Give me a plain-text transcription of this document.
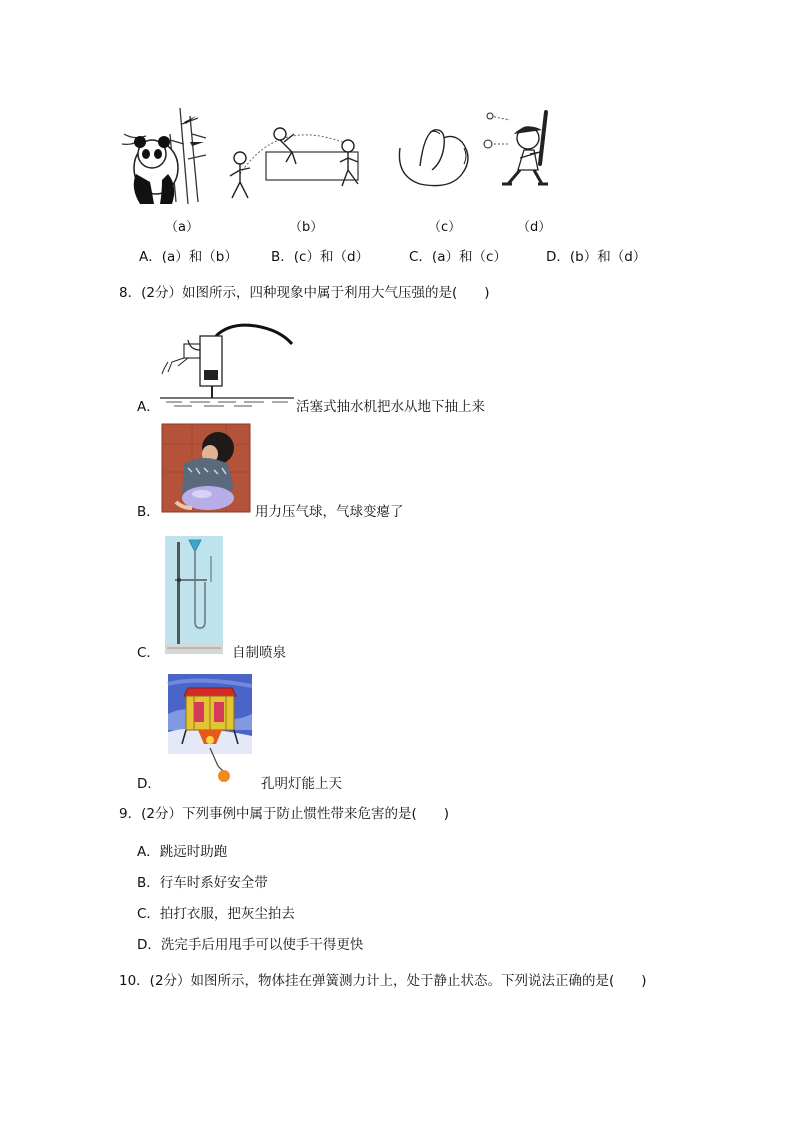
（a）	（b）	（c）	（d）
A．(a）和（b） B．(c）和（d）	C．(a）和（c）	D．(b）和（d）
8．(2分）如图所示，四种现象中属于利用大气压强的是(　　)
A．	活塞式抽水机把水从地下抽上来
B．	用力压气球，气球变瘪了
C．	自制喷泉
D．	孔明灯能上天
9．(2分）下列事例中属于防止惯性带来危害的是(　　)
A．跳远时助跑
B．行车时系好安全带
C．拍打衣服，把灰尘拍去
D．洗完手后用甩手可以使手干得更快
10．(2分）如图所示，物体挂在弹簧测力计上，处于静止状态。下列说法正确的是(　　)
